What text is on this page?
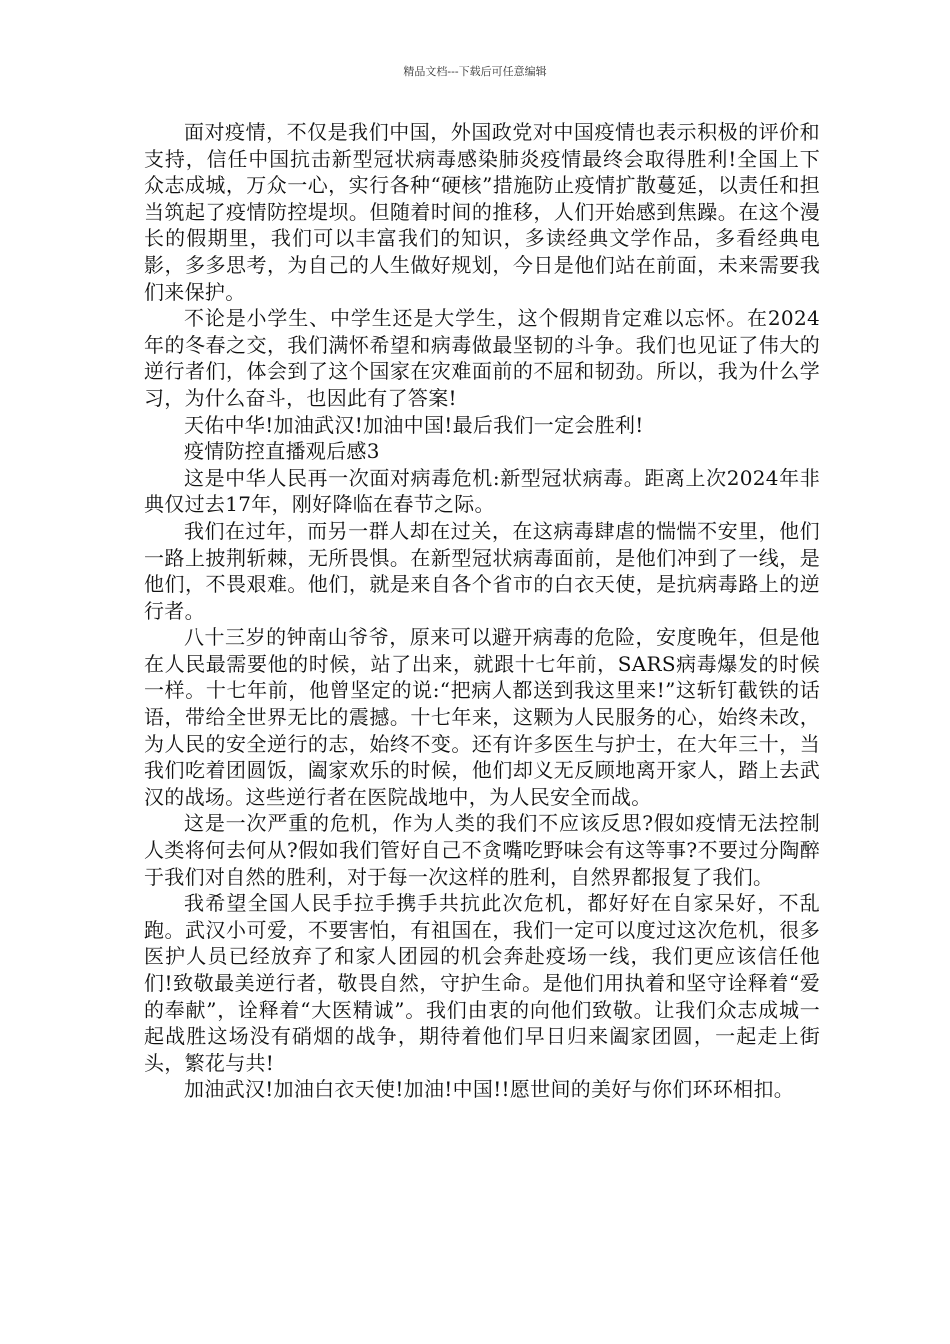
精品文档---下载后可任意编辑

面对疫情，不仅是我们中国，外国政党对中国疫情也表示积极的评价和支持，信任中国抗击新型冠状病毒感染肺炎疫情最终会取得胜利!全国上下众志成城，万众一心，实行各种“硬核”措施防止疫情扩散蔓延，以责任和担当筑起了疫情防控堤坝。但随着时间的推移，人们开始感到焦躁。在这个漫长的假期里，我们可以丰富我们的知识，多读经典文学作品，多看经典电影，多多思考，为自己的人生做好规划，今日是他们站在前面，未来需要我们来保护。

不论是小学生、中学生还是大学生，这个假期肯定难以忘怀。在2024年的冬春之交，我们满怀希望和病毒做最坚韧的斗争。我们也见证了伟大的逆行者们，体会到了这个国家在灾难面前的不屈和韧劲。所以，我为什么学习，为什么奋斗，也因此有了答案!

天佑中华!加油武汉!加油中国!最后我们一定会胜利!

疫情防控直播观后感3

这是中华人民再一次面对病毒危机:新型冠状病毒。距离上次2024年非典仅过去17年，刚好降临在春节之际。

我们在过年，而另一群人却在过关，在这病毒肆虐的惴惴不安里，他们一路上披荆斩棘，无所畏惧。在新型冠状病毒面前，是他们冲到了一线，是他们，不畏艰难。他们，就是来自各个省市的白衣天使，是抗病毒路上的逆行者。

八十三岁的钟南山爷爷，原来可以避开病毒的危险，安度晚年，但是他在人民最需要他的时候，站了出来，就跟十七年前，SARS病毒爆发的时候一样。十七年前，他曾坚定的说:“把病人都送到我这里来!”这斩钉截铁的话语，带给全世界无比的震撼。十七年来，这颗为人民服务的心，始终未改，为人民的安全逆行的志，始终不变。还有许多医生与护士，在大年三十，当我们吃着团圆饭，阖家欢乐的时候，他们却义无反顾地离开家人，踏上去武汉的战场。这些逆行者在医院战地中，为人民安全而战。

这是一次严重的危机，作为人类的我们不应该反思?假如疫情无法控制人类将何去何从?假如我们管好自己不贪嘴吃野味会有这等事?不要过分陶醉于我们对自然的胜利，对于每一次这样的胜利，自然界都报复了我们。

我希望全国人民手拉手携手共抗此次危机，都好好在自家呆好，不乱跑。武汉小可爱，不要害怕，有祖国在，我们一定可以度过这次危机，很多医护人员已经放弃了和家人团园的机会奔赴疫场一线，我们更应该信任他们!致敬最美逆行者，敬畏自然，守护生命。是他们用执着和坚守诠释着“爱的奉献”，诠释着“大医精诚”。我们由衷的向他们致敬。让我们众志成城一起战胜这场没有硝烟的战争，期待着他们早日归来阖家团圆，一起走上街头，繁花与共!

加油武汉!加油白衣天使!加油!中国!!愿世间的美好与你们环环相扣。
